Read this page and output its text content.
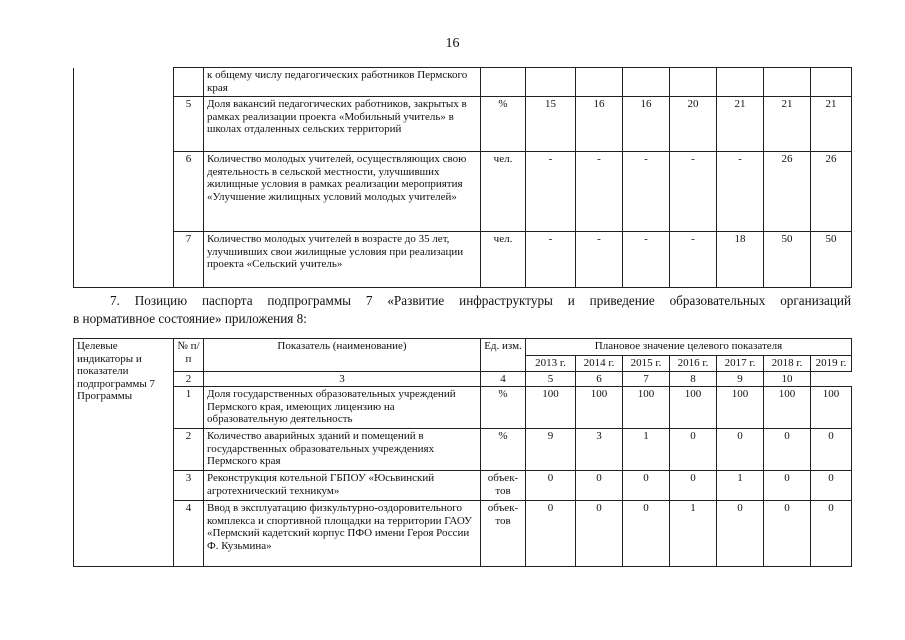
16
		к общему числу педагогических работников Пермского края								
	5	Доля вакансий педагогических работников, закрытых в рамках реализации проекта «Мобильный учитель» в школах отдаленных сельских территорий	%	15	16	16	20	21	21	21
	6	Количество молодых учителей, осуществляющих свою деятельность в сельской местности, улучшивших жилищные условия в рамках реализации мероприятия «Улучшение жилищных условий молодых учителей»	чел.	-	-	-	-	-	26	26
	7	Количество молодых учителей в возрасте до 35 лет, улучшивших свои жилищные условия при реализации проекта «Сельский учитель»	чел.	-	-	-	-	18	50	50
7. Позицию паспорта подпрограммы 7 «Развитие инфраструктуры и приведение образовательных организаций
в нормативное состояние» приложения 8:
Целевые индикаторы и показатели подпрограммы 7 Программы	№ п/п	Показатель (наименование)	Ед. изм.	Плановое значение целевого показателя						
				2013 г.	2014 г.	2015 г.	2016 г.	2017 г.	2018 г.	2019 г.
	2	3	4	5	6	7	8	9	10	
	1	Доля государственных образовательных учреждений Пермского края, имеющих лицензию на образовательную деятельность	%	100	100	100	100	100	100	100
	2	Количество аварийных зданий и помещений в государственных образовательных учреждениях Пермского края	%	9	3	1	0	0	0	0
	3	Реконструкция котельной ГБПОУ «Юсьвинский агротехнический техникум»	объек-тов	0	0	0	0	1	0	0
	4	Ввод в эксплуатацию физкультурно-оздоровительного комплекса и спортивной площадки на территории ГАОУ «Пермский кадетский корпус ПФО имени Героя России Ф. Кузьмина»	объек-тов	0	0	0	1	0	0	0
